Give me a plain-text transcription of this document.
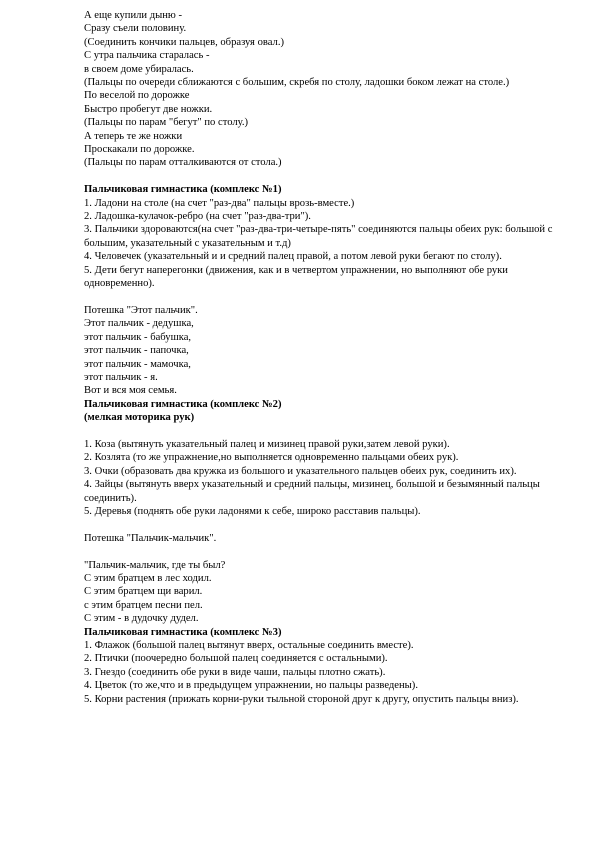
А еще купили дыню -

Сразу съели половину.

(Соединить кончики пальцев, образуя овал.)

С утра пальчика старалась -

в своем доме убиралась.

(Пальцы по очереди сближаются с большим, скребя по столу, ладошки боком лежат на столе.)

По веселой по дорожке

Быстро пробегут две ножки.

(Пальцы по парам "бегут" по столу.)

А теперь те же ножки

Проскакали по дорожке.

(Пальцы по парам отталкиваются от стола.)

Пальчиковая гимнастика (комплекс №1)

1. Ладони на столе (на счет "раз-два" пальцы врозь-вместе.)

2. Ладошка-кулачок-ребро (на счет "раз-два-три").

3. Пальчики здороваются(на счет "раз-два-три-четыре-пять" соединяются пальцы обеих рук: большой с большим, указательный с указательным и т.д)

4. Человечек (указательный и и средний палец правой, а потом левой руки бегают по столу).

5. Дети бегут наперегонки (движения, как и в четвертом упражнении, но выполняют обе руки одновременно).

Потешка "Этот пальчик".

Этот пальчик - дедушка,

этот пальчик - бабушка,

этот пальчик - папочка,

этот пальчик - мамочка,

этот пальчик - я.

Вот и вся моя семья.

Пальчиковая гимнастика (комплекс №2)

(мелкая моторика рук)

1. Коза (вытянуть указательный палец и мизинец правой руки,затем левой руки).

2. Козлята (то же упражнение,но выполняется одновременно пальцами обеих рук).

3. Очки (образовать два кружка из большого и указательного пальцев обеих рук, соединить их).

4. Зайцы (вытянуть вверх указательный и средний пальцы, мизинец, большой и безымянный пальцы соединить).

5. Деревья (поднять обе руки ладонями к себе, широко расставив пальцы).

Потешка "Пальчик-мальчик".

"Пальчик-мальчик, где ты был?

С этим братцем в лес ходил.

С этим братцем щи варил.

с этим братцем песни пел.

С этим - в дудочку дудел.

Пальчиковая гимнастика (комплекс №3)

1. Флажок (большой палец вытянут вверх, остальные соединить вместе).

2. Птички (поочередно большой палец соединяется с остальными).

3. Гнездо (соединить обе руки в виде чаши, пальцы плотно сжать).

4. Цветок (то же,что и в предыдущем упражнении, но пальцы разведены).

5. Корни растения (прижать корни-руки тыльной стороной друг к другу, опустить пальцы вниз).
